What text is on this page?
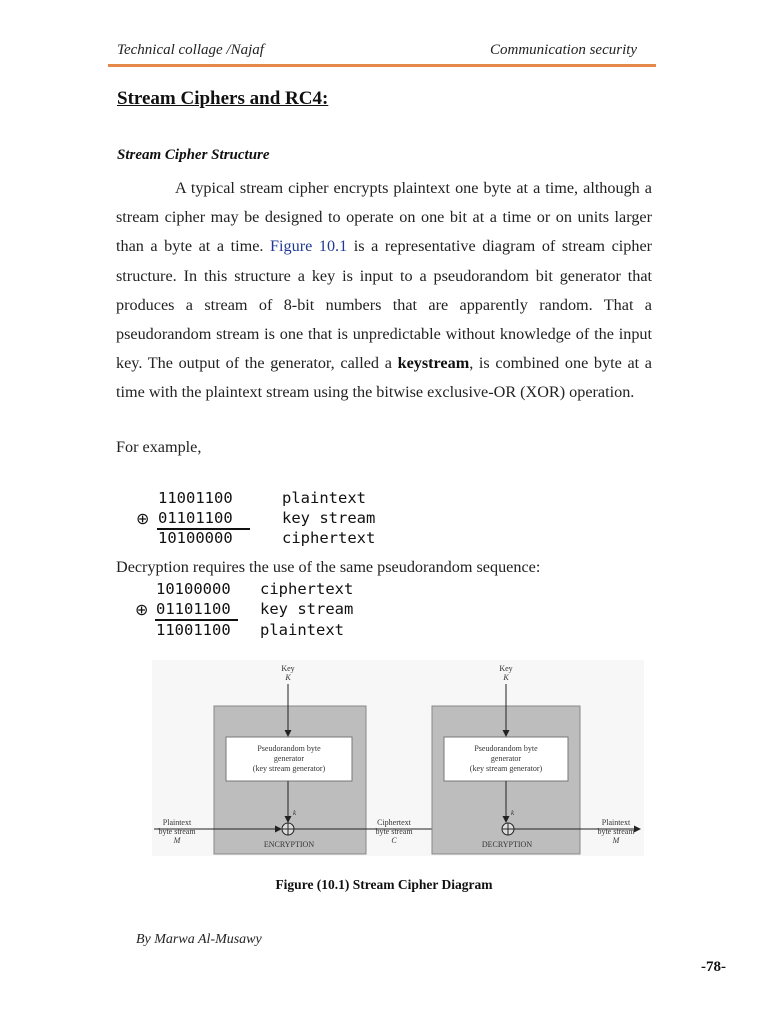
Technical collage /Najaf	Communication security
Stream Ciphers and RC4:
Stream Cipher Structure

A typical stream cipher encrypts plaintext one byte at a time, although a stream cipher may be designed to operate on one bit at a time or on units larger than a byte at a time. Figure 10.1 is a representative diagram of stream cipher structure. In this structure a key is input to a pseudorandom bit generator that produces a stream of 8-bit numbers that are apparently random. That a pseudorandom stream is one that is unpredictable without knowledge of the input key. The output of the generator, called a keystream, is combined one byte at a time with the plaintext stream using the bitwise exclusive-OR (XOR) operation.

For example,
11001100	plaintext
⊕ 01101100	key stream
10100000	ciphertext
Decryption requires the use of the same pseudorandom sequence:
10100000 ciphertext
⊕ 01101100 key stream
11001100 plaintext
Pseudorandom byte
generator
(key stream generator)
Key
K
k
ENCRYPTION
Plaintext
byte stream
M
Ciphertext
byte stream
C
Pseudorandom byte
generator
(key stream generator)
Key
K
k
DECRYPTION
Plaintext
byte stream
M
Figure (10.1) Stream Cipher Diagram
By Marwa Al-Musawy
-78-
